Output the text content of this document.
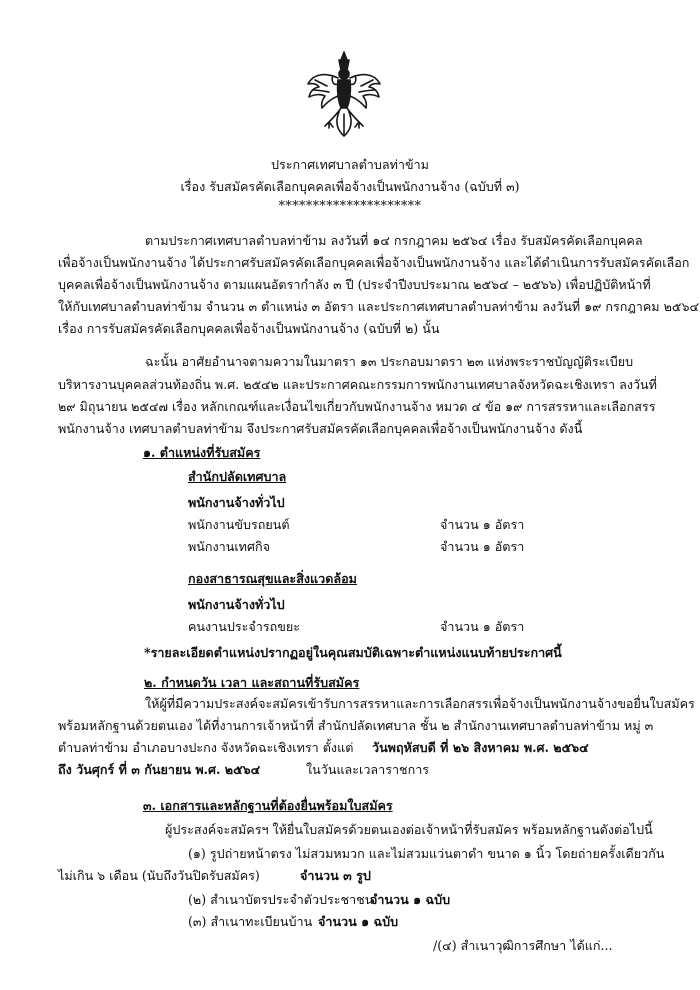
ประกาศเทศบาลตำบลท่าข้าม
เรื่อง รับสมัครคัดเลือกบุคคลเพื่อจ้างเป็นพนักงานจ้าง (ฉบับที่ ๓)
*********************
ตามประกาศเทศบาลตำบลท่าข้าม ลงวันที่ ๑๔ กรกฎาคม ๒๕๖๔ เรื่อง รับสมัครคัดเลือกบุคคล
เพื่อจ้างเป็นพนักงานจ้าง ได้ประกาศรับสมัครคัดเลือกบุคคลเพื่อจ้างเป็นพนักงานจ้าง และได้ดำเนินการรับสมัครคัดเลือก
บุคคลเพื่อจ้างเป็นพนักงานจ้าง ตามแผนอัตรากำลัง ๓ ปี (ประจำปีงบประมาณ ๒๕๖๔ – ๒๕๖๖) เพื่อปฏิบัติหน้าที่
ให้กับเทศบาลตำบลท่าข้าม จำนวน ๓ ตำแหน่ง ๓ อัตรา และประกาศเทศบาลตำบลท่าข้าม ลงวันที่ ๑๙ กรกฎาคม ๒๕๖๔
เรื่อง การรับสมัครคัดเลือกบุคคลเพื่อจ้างเป็นพนักงานจ้าง (ฉบับที่ ๒) นั้น
ฉะนั้น อาศัยอำนาจตามความในมาตรา ๑๓ ประกอบมาตรา ๒๓ แห่งพระราชบัญญัติระเบียบ
บริหารงานบุคคลส่วนท้องถิ่น พ.ศ. ๒๕๔๒ และประกาศคณะกรรมการพนักงานเทศบาลจังหวัดฉะเชิงเทรา ลงวันที่
๒๙ มิถุนายน ๒๕๔๗ เรื่อง หลักเกณฑ์และเงื่อนไขเกี่ยวกับพนักงานจ้าง หมวด ๔ ข้อ ๑๙ การสรรหาและเลือกสรร
พนักงานจ้าง เทศบาลตำบลท่าข้าม จึงประกาศรับสมัครคัดเลือกบุคคลเพื่อจ้างเป็นพนักงานจ้าง ดังนี้
๑. ตำแหน่งที่รับสมัคร
สำนักปลัดเทศบาล
พนักงานจ้างทั่วไป
พนักงานขับรถยนต์	จำนวน ๑ อัตรา
พนักงานเทศกิจ	จำนวน ๑ อัตรา
กองสาธารณสุขและสิ่งแวดล้อม
พนักงานจ้างทั่วไป
คนงานประจำรถขยะ	จำนวน ๑ อัตรา
*รายละเอียดตำแหน่งปรากฏอยู่ในคุณสมบัติเฉพาะตำแหน่งแนบท้ายประกาศนี้
๒. กำหนดวัน เวลา และสถานที่รับสมัคร
ให้ผู้ที่มีความประสงค์จะสมัครเข้ารับการสรรหาและการเลือกสรรเพื่อจ้างเป็นพนักงานจ้างขอยื่นใบสมัคร
พร้อมหลักฐานด้วยตนเอง ได้ที่งานการเจ้าหน้าที่ สำนักปลัดเทศบาล ชั้น ๒ สำนักงานเทศบาลตำบลท่าข้าม หมู่ ๓
ตำบลท่าข้าม อำเภอบางปะกง จังหวัดฉะเชิงเทรา ตั้งแต่ วันพฤหัสบดี ที่ ๒๖ สิงหาคม พ.ศ. ๒๕๖๔
ถึง วันศุกร์ ที่ ๓ กันยายน พ.ศ. ๒๕๖๔	ในวันและเวลาราชการ
๓. เอกสารและหลักฐานที่ต้องยื่นพร้อมใบสมัคร
ผู้ประสงค์จะสมัครฯ ให้ยื่นใบสมัครด้วยตนเองต่อเจ้าหน้าที่รับสมัคร พร้อมหลักฐานดังต่อไปนี้
(๑) รูปถ่ายหน้าตรง ไม่สวมหมวก และไม่สวมแว่นตาดำ ขนาด ๑ นิ้ว โดยถ่ายครั้งเดียวกัน
ไม่เกิน ๖ เดือน (นับถึงวันปิดรับสมัคร)	จำนวน ๓ รูป
(๒) สำเนาบัตรประจำตัวประชาชน
จำนวน ๑ ฉบับ
(๓) สำเนาทะเบียนบ้าน จำนวน ๑ ฉบับ
/(๔) สำเนาวุฒิการศึกษา ได้แก่...
